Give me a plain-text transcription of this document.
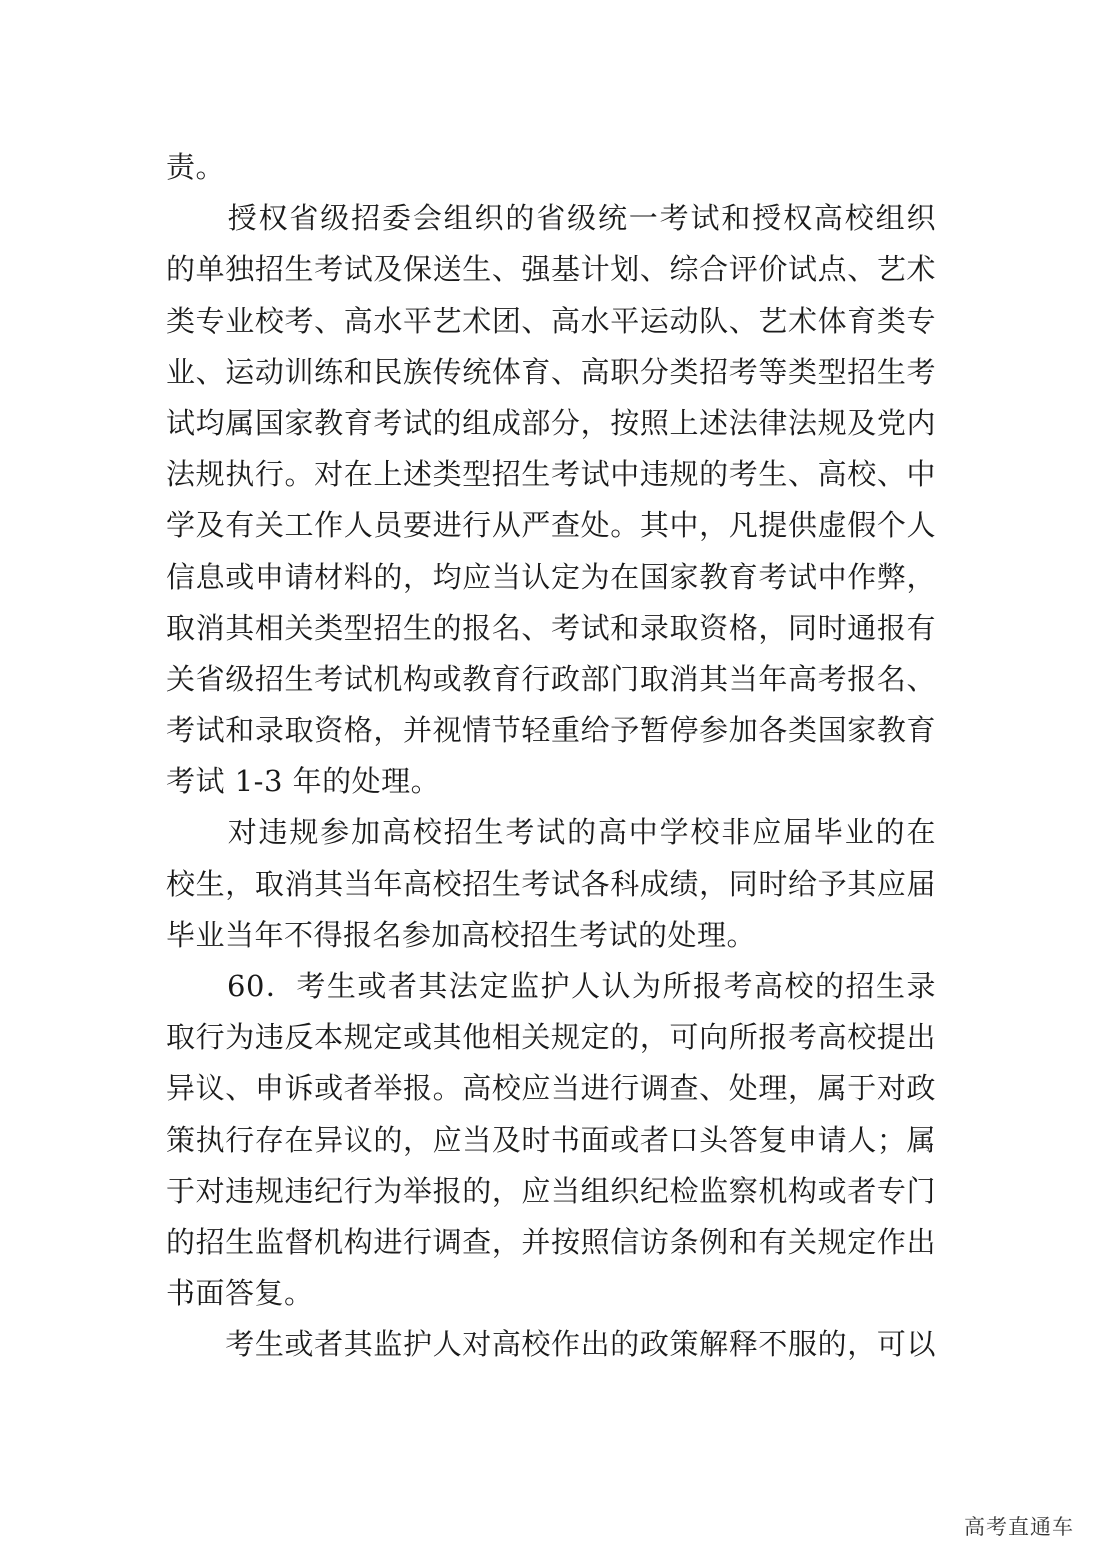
责。
　　授权省级招委会组织的省级统一考试和授权高校组织
的单独招生考试及保送生、强基计划、综合评价试点、艺术
类专业校考、高水平艺术团、高水平运动队、艺术体育类专
业、运动训练和民族传统体育、高职分类招考等类型招生考
试均属国家教育考试的组成部分，按照上述法律法规及党内
法规执行。对在上述类型招生考试中违规的考生、高校、中
学及有关工作人员要进行从严查处。其中，凡提供虚假个人
信息或申请材料的，均应当认定为在国家教育考试中作弊，
取消其相关类型招生的报名、考试和录取资格，同时通报有
关省级招生考试机构或教育行政部门取消其当年高考报名、
考试和录取资格，并视情节轻重给予暂停参加各类国家教育
考试 1-3 年的处理。
　　对违规参加高校招生考试的高中学校非应届毕业的在
校生，取消其当年高校招生考试各科成绩，同时给予其应届
毕业当年不得报名参加高校招生考试的处理。
　　60．考生或者其法定监护人认为所报考高校的招生录
取行为违反本规定或其他相关规定的，可向所报考高校提出
异议、申诉或者举报。高校应当进行调查、处理，属于对政
策执行存在异议的，应当及时书面或者口头答复申请人；属
于对违规违纪行为举报的，应当组织纪检监察机构或者专门
的招生监督机构进行调查，并按照信访条例和有关规定作出
书面答复。
　　考生或者其监护人对高校作出的政策解释不服的，可以
高考直通车
